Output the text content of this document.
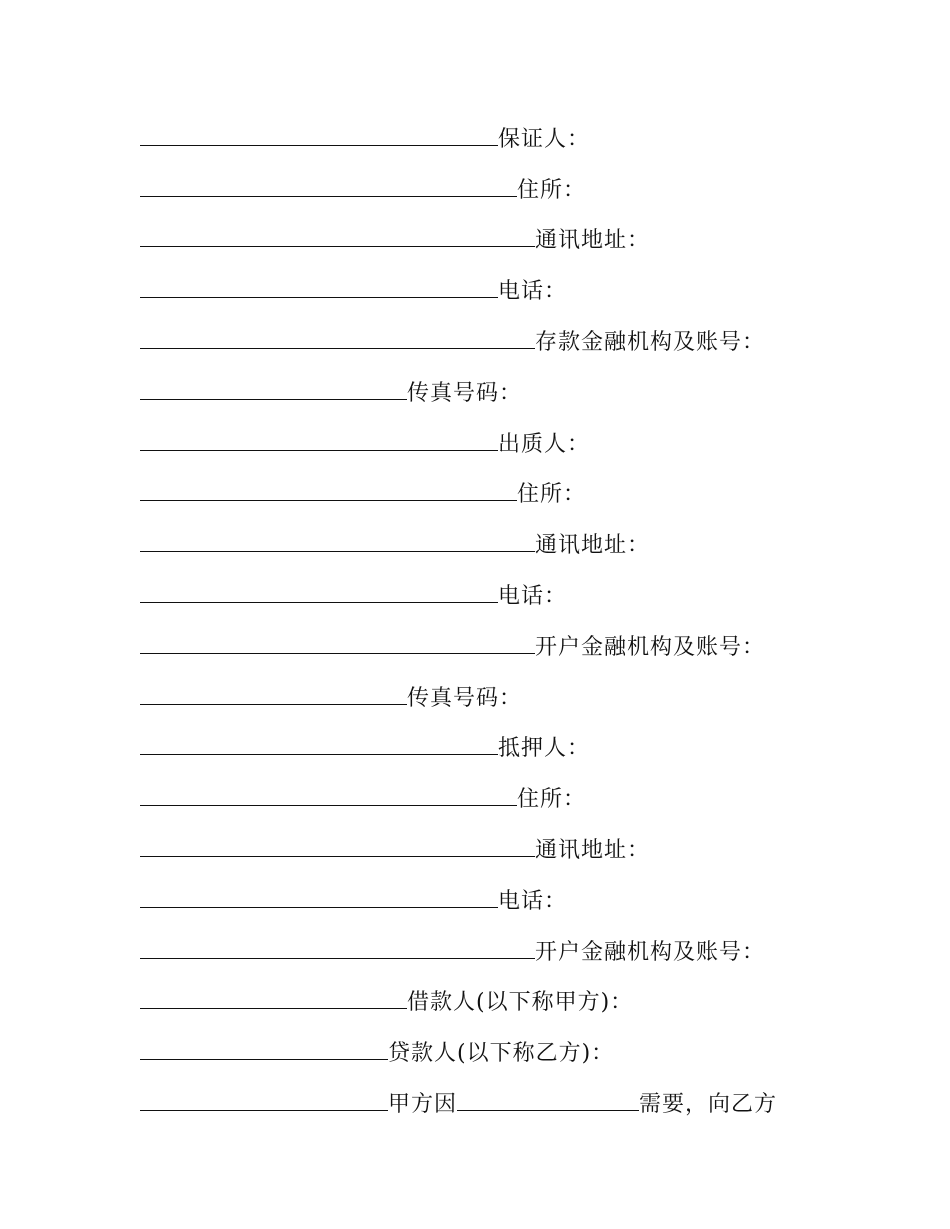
保证人：
住所：
通讯地址：
电话：
存款金融机构及账号：
传真号码：
出质人：
住所：
通讯地址：
电话：
开户金融机构及账号：
传真号码：
抵押人：
住所：
通讯地址：
电话：
开户金融机构及账号：
借款人(以下称甲方)：
贷款人(以下称乙方)：
甲方因	需要，向乙方
